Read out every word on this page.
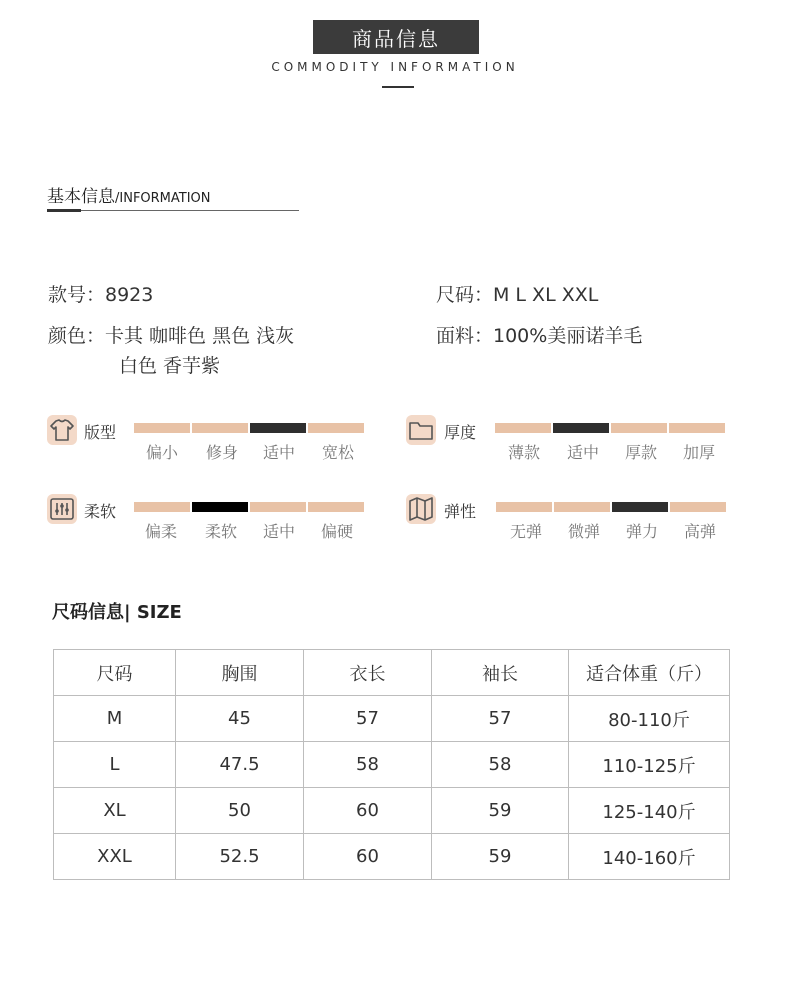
商品信息
COMMODITY INFORMATION
基本信息/INFORMATION
款号：8923	尺码：M L XL XXL
颜色：卡其 咖啡色 黑色 浅灰
白色 香芋紫
面料：100%美丽诺羊毛
版型
偏小	修身	适中	宽松
厚度
薄款	适中	厚款	加厚
柔软
偏柔	柔软	适中	偏硬
弹性
无弹	微弹	弹力	高弹
尺码信息| SIZE
尺码	胸围	衣长	袖长	适合体重（斤）
M	45	57	57	80-110斤
L	47.5	58	58	110-125斤
XL	50	60	59	125-140斤
XXL	52.5	60	59	140-160斤
